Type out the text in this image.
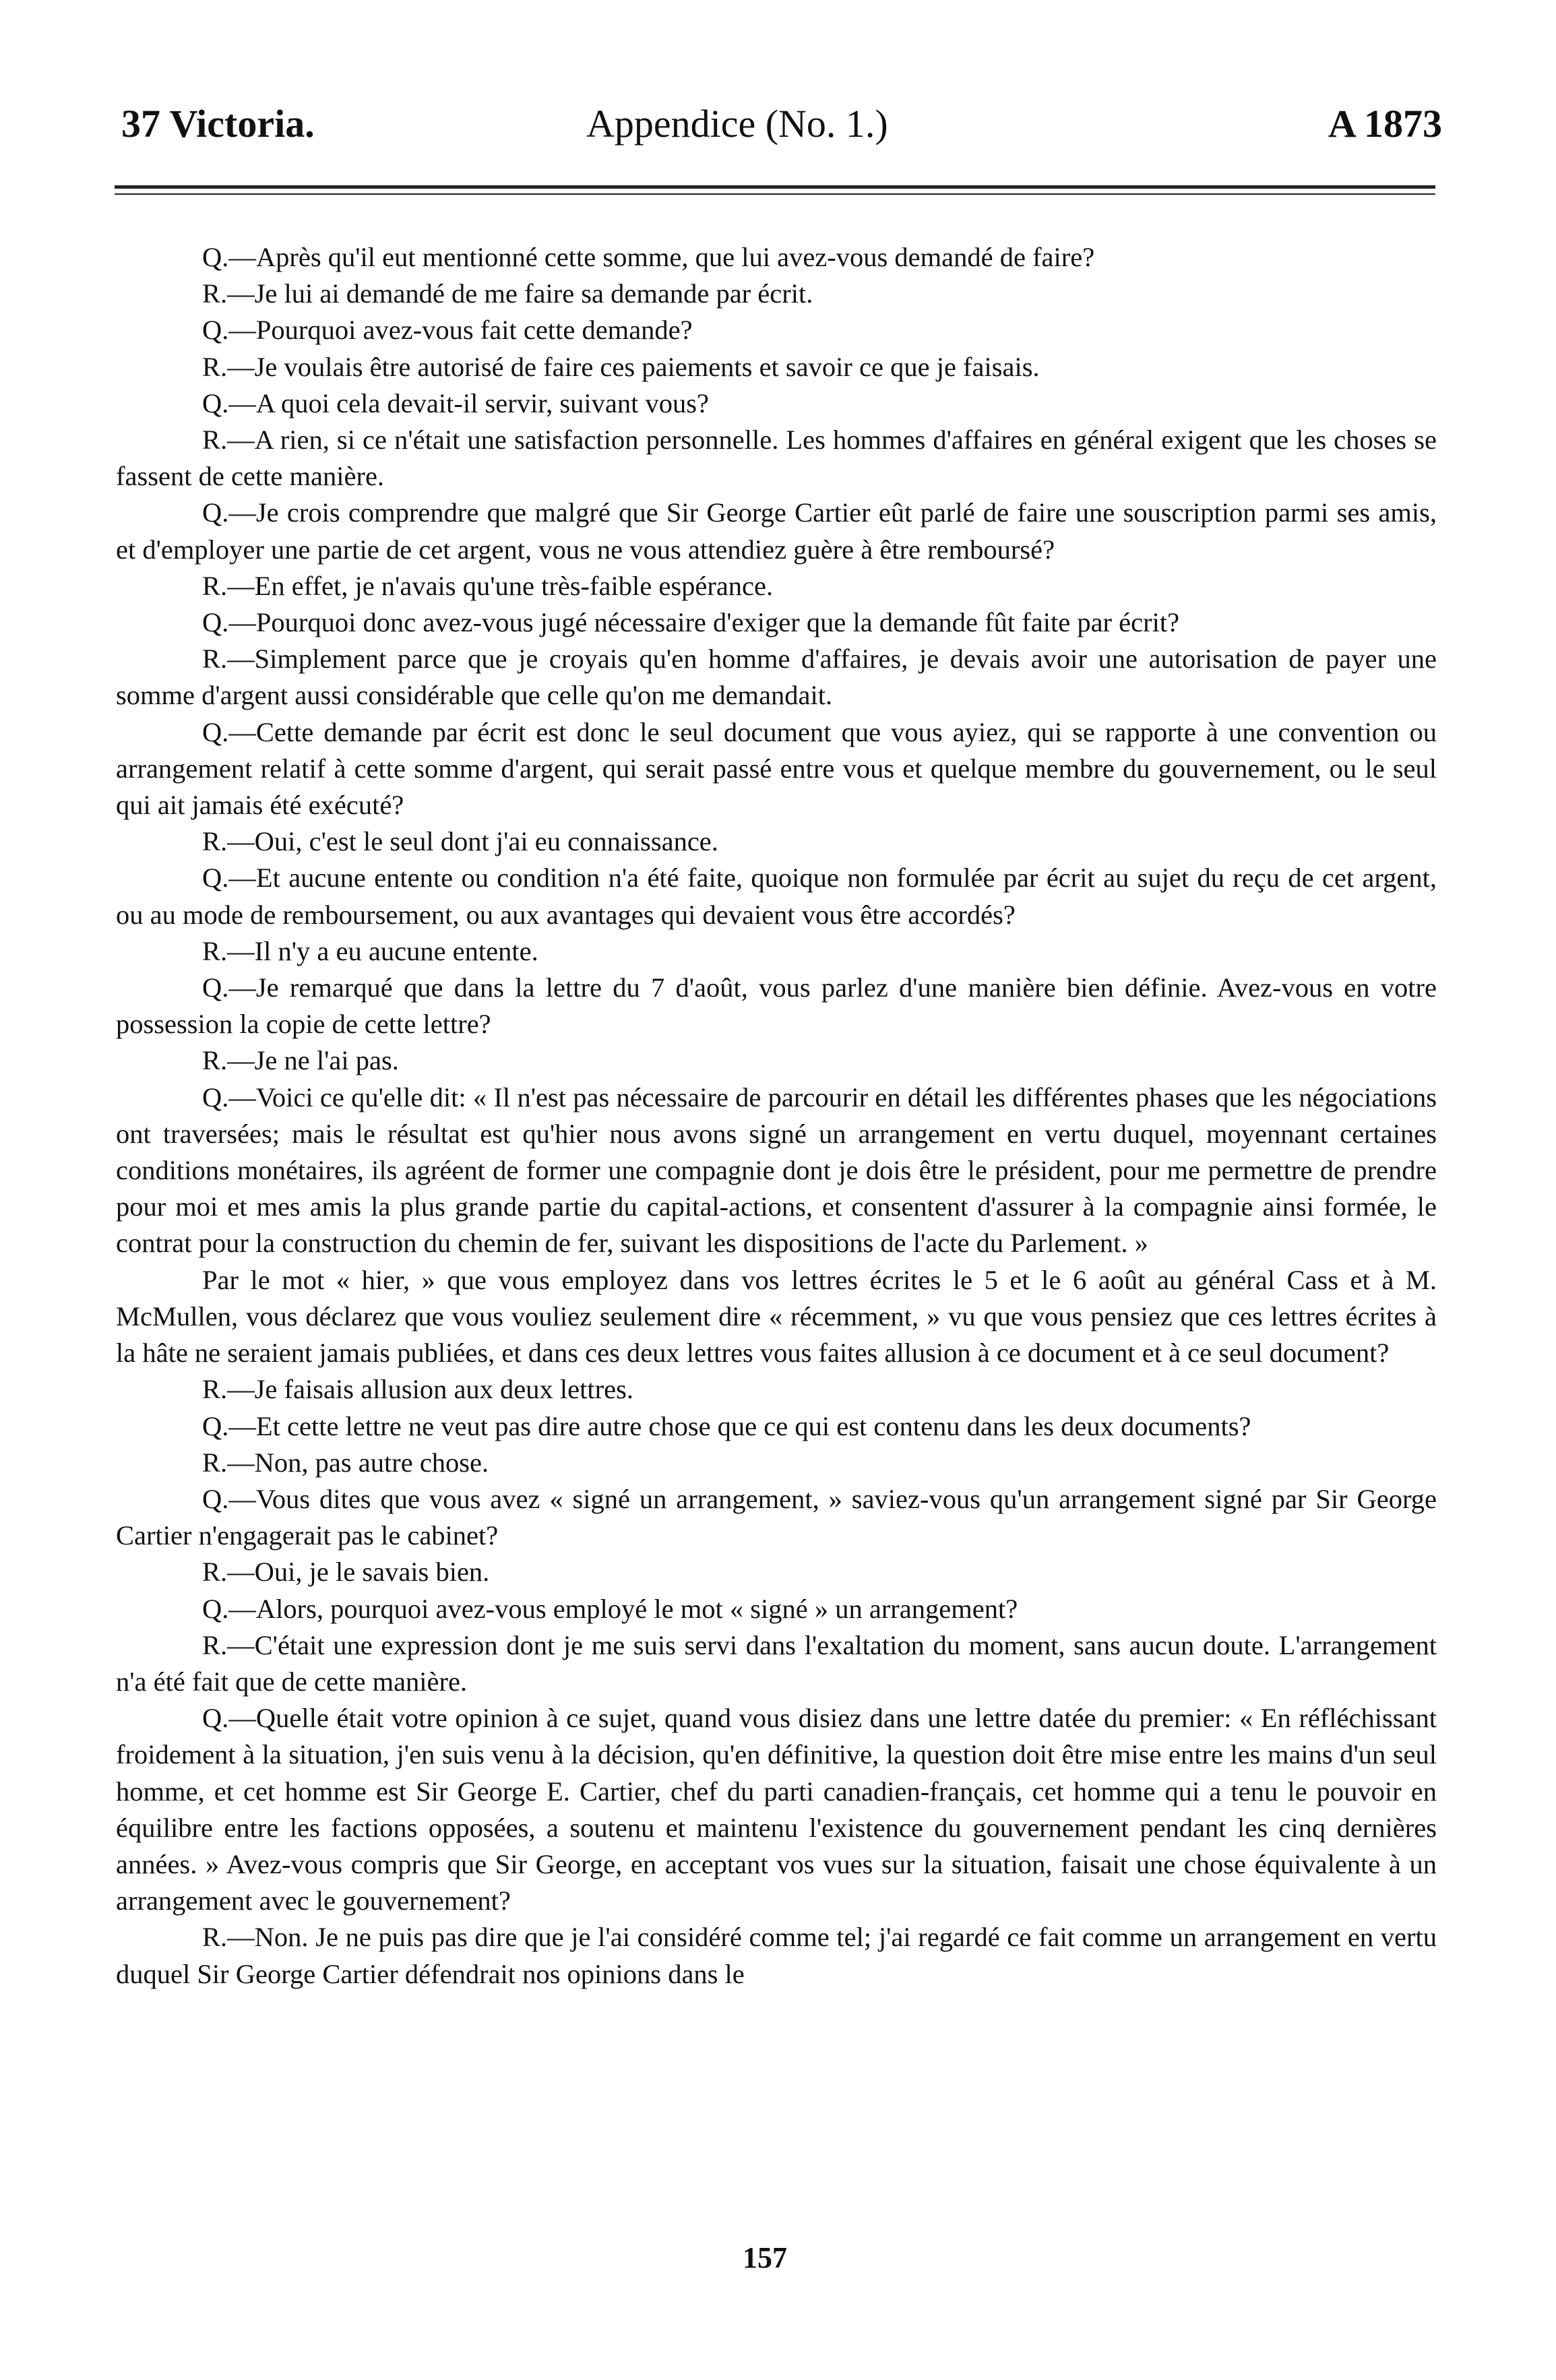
37 Victoria.	Appendice (No. 1.)	A 1873

Q.—Après qu'il eut mentionné cette somme, que lui avez-vous demandé de faire?

R.—Je lui ai demandé de me faire sa demande par écrit.

Q.—Pourquoi avez-vous fait cette demande?

R.—Je voulais être autorisé de faire ces paiements et savoir ce que je faisais.

Q.—A quoi cela devait-il servir, suivant vous?

R.—A rien, si ce n'était une satisfaction personnelle. Les hommes d'affaires en général exigent que les choses se fassent de cette manière.

Q.—Je crois comprendre que malgré que Sir George Cartier eût parlé de faire une souscription parmi ses amis, et d'employer une partie de cet argent, vous ne vous attendiez guère à être remboursé?

R.—En effet, je n'avais qu'une très-faible espérance.

Q.—Pourquoi donc avez-vous jugé nécessaire d'exiger que la demande fût faite par écrit?

R.—Simplement parce que je croyais qu'en homme d'affaires, je devais avoir une autorisation de payer une somme d'argent aussi considérable que celle qu'on me demandait.

Q.—Cette demande par écrit est donc le seul document que vous ayiez, qui se rapporte à une convention ou arrangement relatif à cette somme d'argent, qui serait passé entre vous et quelque membre du gouvernement, ou le seul qui ait jamais été exécuté?

R.—Oui, c'est le seul dont j'ai eu connaissance.

Q.—Et aucune entente ou condition n'a été faite, quoique non formulée par écrit au sujet du reçu de cet argent, ou au mode de remboursement, ou aux avantages qui devaient vous être accordés?

R.—Il n'y a eu aucune entente.

Q.—Je remarqué que dans la lettre du 7 d'août, vous parlez d'une manière bien définie. Avez-vous en votre possession la copie de cette lettre?

R.—Je ne l'ai pas.

Q.—Voici ce qu'elle dit: « Il n'est pas nécessaire de parcourir en détail les différentes phases que les négociations ont traversées; mais le résultat est qu'hier nous avons signé un arrangement en vertu duquel, moyennant certaines conditions monétaires, ils agréent de former une compagnie dont je dois être le président, pour me permettre de prendre pour moi et mes amis la plus grande partie du capital-actions, et consentent d'assurer à la compagnie ainsi formée, le contrat pour la construction du chemin de fer, suivant les dispositions de l'acte du Parlement. »

Par le mot « hier, » que vous employez dans vos lettres écrites le 5 et le 6 août au général Cass et à M. McMullen, vous déclarez que vous vouliez seulement dire « récemment, » vu que vous pensiez que ces lettres écrites à la hâte ne seraient jamais publiées, et dans ces deux lettres vous faites allusion à ce document et à ce seul document?

R.—Je faisais allusion aux deux lettres.

Q.—Et cette lettre ne veut pas dire autre chose que ce qui est contenu dans les deux documents?

R.—Non, pas autre chose.

Q.—Vous dites que vous avez « signé un arrangement, » saviez-vous qu'un arrangement signé par Sir George Cartier n'engagerait pas le cabinet?

R.—Oui, je le savais bien.

Q.—Alors, pourquoi avez-vous employé le mot « signé » un arrangement?

R.—C'était une expression dont je me suis servi dans l'exaltation du moment, sans aucun doute. L'arrangement n'a été fait que de cette manière.

Q.—Quelle était votre opinion à ce sujet, quand vous disiez dans une lettre datée du premier: « En réfléchissant froidement à la situation, j'en suis venu à la décision, qu'en définitive, la question doit être mise entre les mains d'un seul homme, et cet homme est Sir George E. Cartier, chef du parti canadien-français, cet homme qui a tenu le pouvoir en équilibre entre les factions opposées, a soutenu et maintenu l'existence du gouvernement pendant les cinq dernières années. » Avez-vous compris que Sir George, en acceptant vos vues sur la situation, faisait une chose équivalente à un arrangement avec le gouvernement?

R.—Non. Je ne puis pas dire que je l'ai considéré comme tel; j'ai regardé ce fait comme un arrangement en vertu duquel Sir George Cartier défendrait nos opinions dans le

157
